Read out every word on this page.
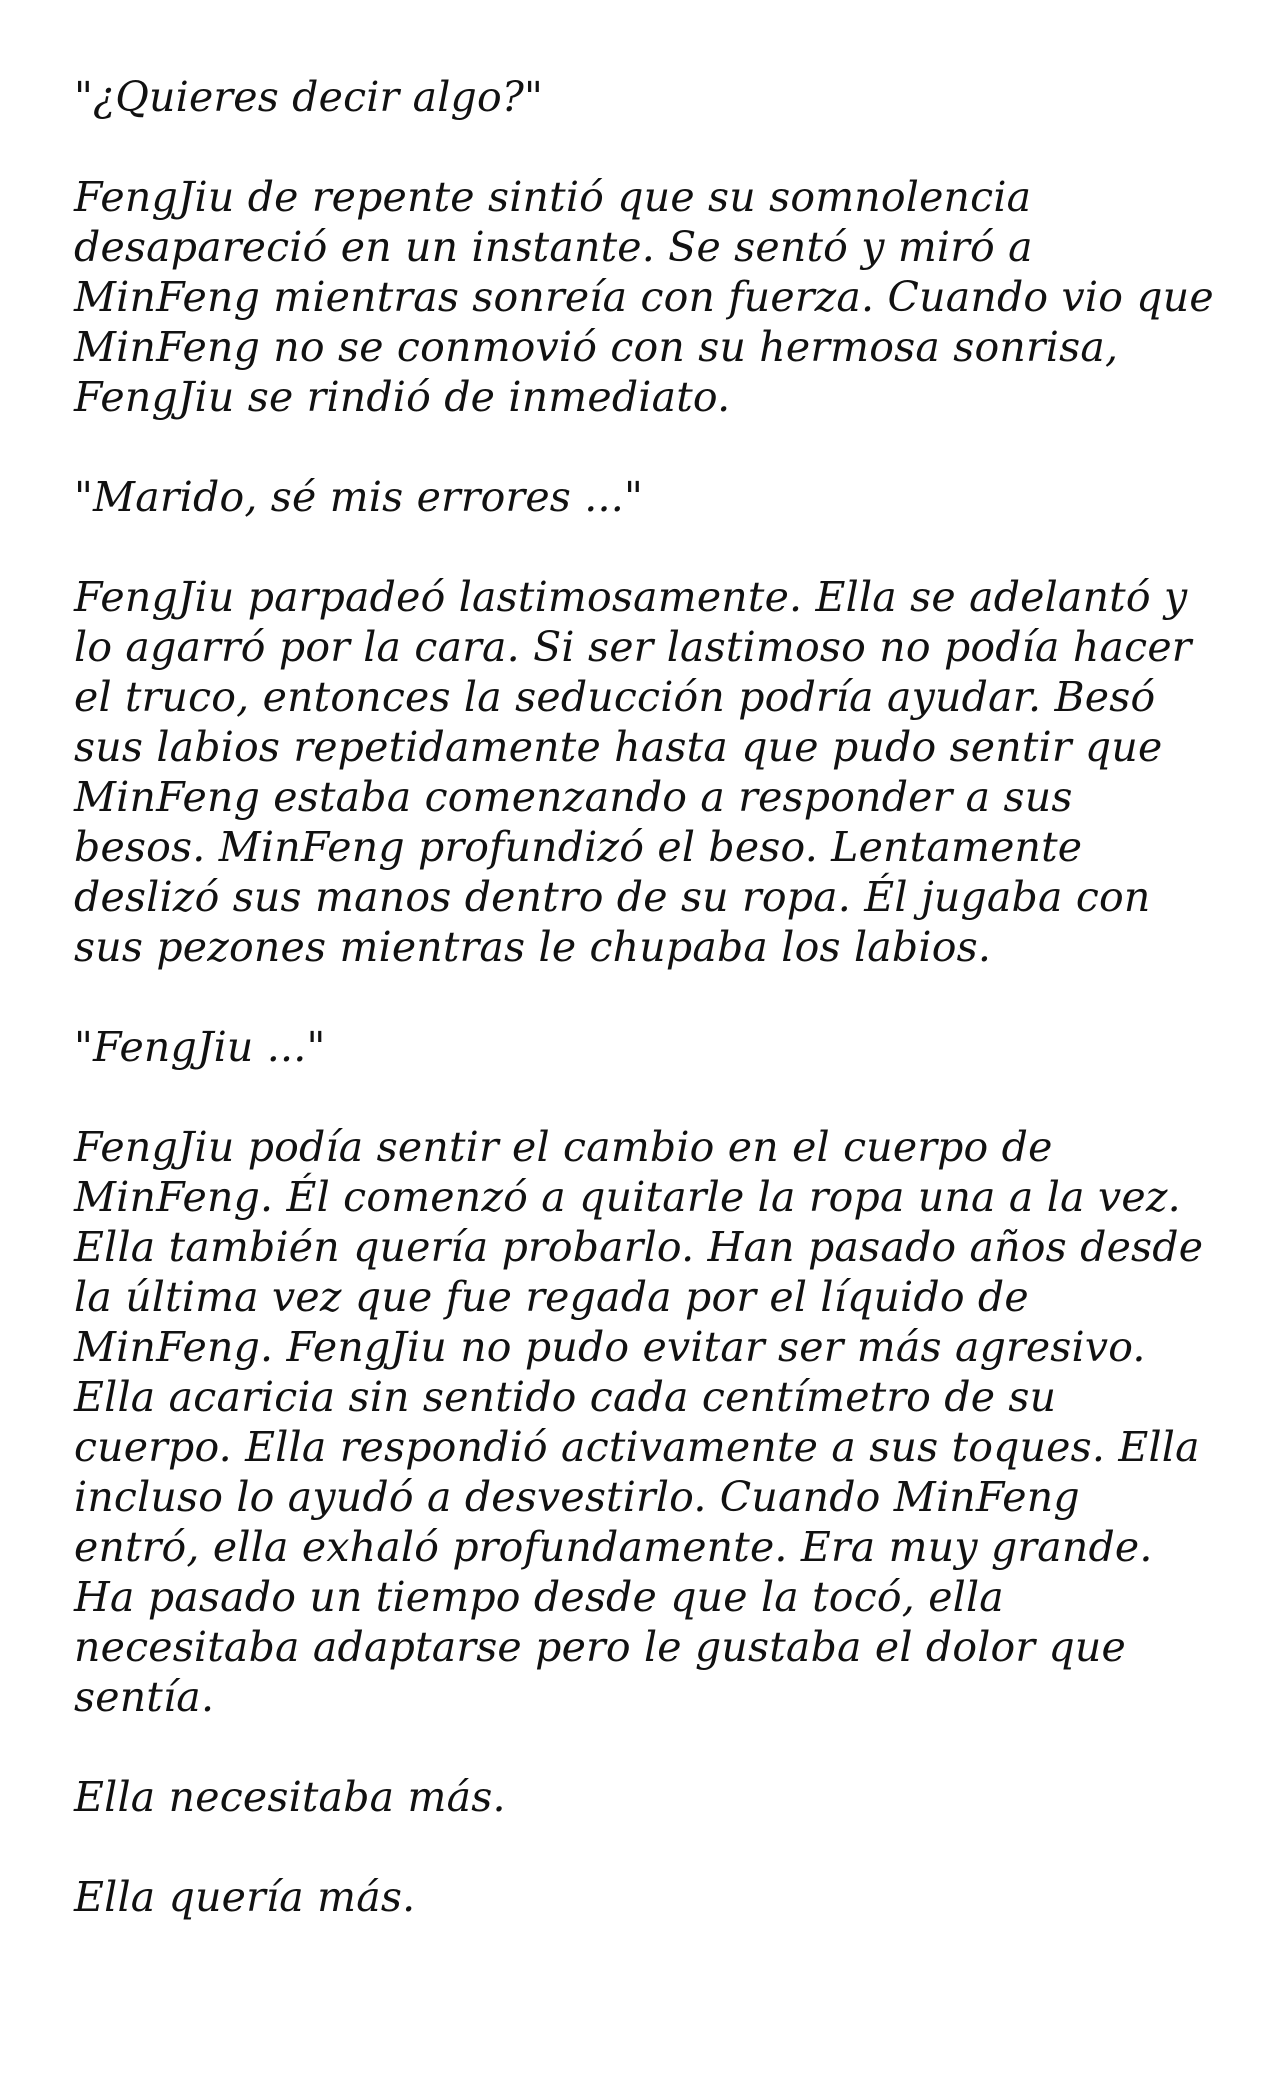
"¿Quieres decir algo?"

FengJiu de repente sintió que su somnolencia desapareció en un instante. Se sentó y miró a MinFeng mientras sonreía con fuerza. Cuando vio que MinFeng no se conmovió con su hermosa sonrisa, FengJiu se rindió de inmediato.

"Marido, sé mis errores ..."

FengJiu parpadeó lastimosamente. Ella se adelantó y lo agarró por la cara. Si ser lastimoso no podía hacer el truco, entonces la seducción podría ayudar. Besó sus labios repetidamente hasta que pudo sentir que MinFeng estaba comenzando a responder a sus besos. MinFeng profundizó el beso. Lentamente deslizó sus manos dentro de su ropa. Él jugaba con sus pezones mientras le chupaba los labios.

"FengJiu ..."

FengJiu podía sentir el cambio en el cuerpo de MinFeng. Él comenzó a quitarle la ropa una a la vez. Ella también quería probarlo. Han pasado años desde la última vez que fue regada por el líquido de MinFeng. FengJiu no pudo evitar ser más agresivo. Ella acaricia sin sentido cada centímetro de su cuerpo. Ella respondió activamente a sus toques. Ella incluso lo ayudó a desvestirlo. Cuando MinFeng entró, ella exhaló profundamente. Era muy grande. Ha pasado un tiempo desde que la tocó, ella necesitaba adaptarse pero le gustaba el dolor que sentía.

Ella necesitaba más.

Ella quería más.
